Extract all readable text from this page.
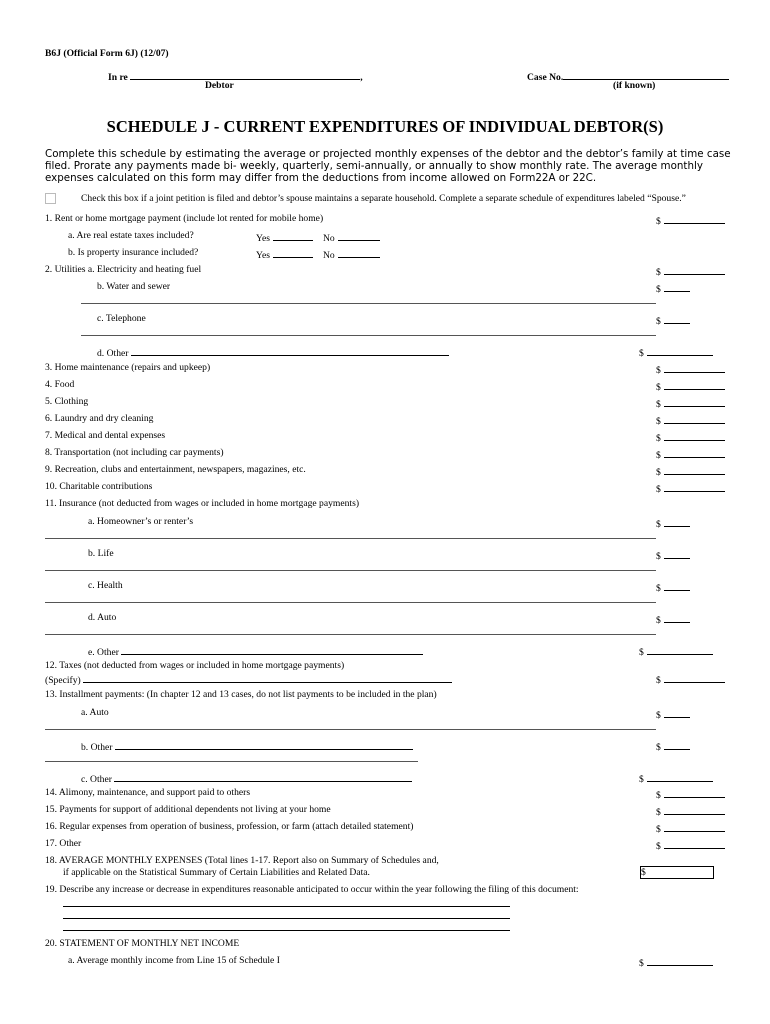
B6J (Official Form 6J) (12/07)
In re	,
Debtor
Case No.
(if known)
SCHEDULE J - CURRENT EXPENDITURES OF INDIVIDUAL DEBTOR(S)
Complete this schedule by estimating the average or projected monthly expenses of the debtor and the debtor’s family at time case
filed. Prorate any payments made bi- weekly, quarterly, semi-annually, or annually to show monthly rate. The average monthly
expenses calculated on this form may differ from the deductions from income allowed on Form22A or 22C.
Check this box if a joint petition is filed and debtor’s spouse maintains a separate household. Complete a separate schedule of expenditures labeled “Spouse.”
1. Rent or home mortgage payment (include lot rented for mobile home)	$
a. Are real estate taxes included?	Yes	No
b. Is property insurance included?	Yes	No
2. Utilities a. Electricity and heating fuel	$
b. Water and sewer	$
c. Telephone	$
d. Other	$
3. Home maintenance (repairs and upkeep)	$
4. Food	$
5. Clothing	$
6. Laundry and dry cleaning	$
7. Medical and dental expenses	$
8. Transportation (not including car payments)	$
9. Recreation, clubs and entertainment, newspapers, magazines, etc.	$
10. Charitable contributions	$
11. Insurance (not deducted from wages or included in home mortgage payments)
a. Homeowner’s or renter’s	$
b. Life	$
c. Health	$
d. Auto	$
e. Other	$
12. Taxes (not deducted from wages or included in home mortgage payments)
(Specify)	$
13. Installment payments: (In chapter 12 and 13 cases, do not list payments to be included in the plan)
a. Auto	$
b. Other	$
c. Other	$
14. Alimony, maintenance, and support paid to others	$
15. Payments for support of additional dependents not living at your home	$
16. Regular expenses from operation of business, profession, or farm (attach detailed statement)	$
17. Other	$
18. AVERAGE MONTHLY EXPENSES (Total lines 1-17. Report also on Summary of Schedules and,
if applicable on the Statistical Summary of Certain Liabilities and Related Data.	$
19. Describe any increase or decrease in expenditures reasonable anticipated to occur within the year following the filing of this document:
20. STATEMENT OF MONTHLY NET INCOME
a. Average monthly income from Line 15 of Schedule I	$
